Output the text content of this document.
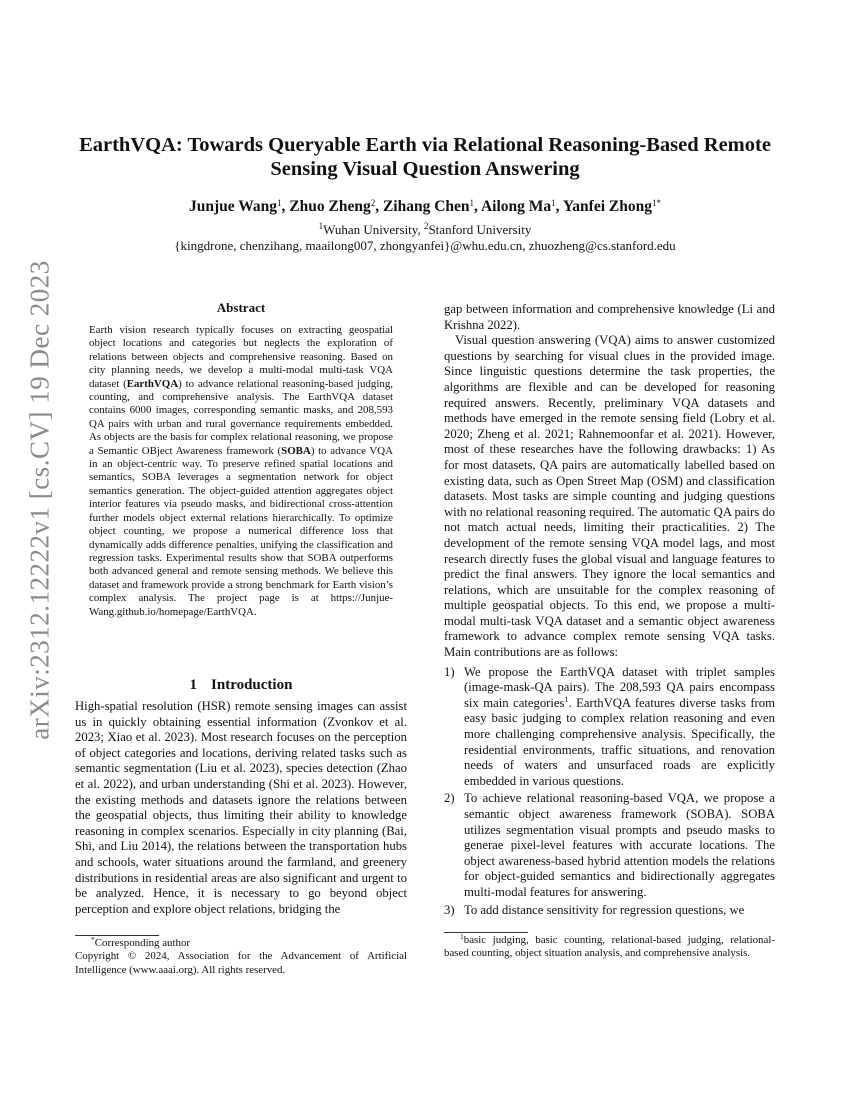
arXiv:2312.12222v1 [cs.CV] 19 Dec 2023
EarthVQA: Towards Queryable Earth via Relational Reasoning-Based Remote
Sensing Visual Question Answering
Junjue Wang$^1$, Zhuo Zheng$^2$, Zihang Chen$^1$, Ailong Ma$^1$, Yanfei Zhong$^{1*}$
$^1$Wuhan University, $^2$Stanford University
{kingdrone, chenzihang, maailong007, zhongyanfei}@whu.edu.cn, zhuozheng@cs.stanford.edu
Abstract

Earth vision research typically focuses on extracting geospatial object locations and categories but neglects the exploration of relations between objects and comprehensive reasoning. Based on city planning needs, we develop a multi-modal multi-task VQA dataset (EarthVQA) to advance relational reasoning-based judging, counting, and comprehensive analysis. The EarthVQA dataset contains 6000 images, corresponding semantic masks, and 208,593 QA pairs with urban and rural governance requirements embedded. As objects are the basis for complex relational reasoning, we propose a Semantic OBject Awareness framework (SOBA) to advance VQA in an object-centric way. To preserve refined spatial locations and semantics, SOBA leverages a segmentation network for object semantics generation. The object-guided attention aggregates object interior features via pseudo masks, and bidirectional cross-attention further models object external relations hierarchically. To optimize object counting, we propose a numerical difference loss that dynamically adds difference penalties, unifying the classification and regression tasks. Experimental results show that SOBA outperforms both advanced general and remote sensing methods. We believe this dataset and framework provide a strong benchmark for Earth vision’s complex analysis. The project page is at https://Junjue-Wang.github.io/homepage/EarthVQA.

1 Introduction

High-spatial resolution (HSR) remote sensing images can assist us in quickly obtaining essential information (Zvonkov et al. 2023; Xiao et al. 2023). Most research focuses on the perception of object categories and locations, deriving related tasks such as semantic segmentation (Liu et al. 2023), species detection (Zhao et al. 2022), and urban understanding (Shi et al. 2023). However, the existing methods and datasets ignore the relations between the geospatial objects, thus limiting their ability to knowledge reasoning in complex scenarios. Especially in city planning (Bai, Shi, and Liu 2014), the relations between the transportation hubs and schools, water situations around the farmland, and greenery distributions in residential areas are also significant and urgent to be analyzed. Hence, it is necessary to go beyond object perception and explore object relations, bridging the

*Corresponding author
Copyright © 2024, Association for the Advancement of Artificial Intelligence (www.aaai.org). All rights reserved.

gap between information and comprehensive knowledge (Li and Krishna 2022).

Visual question answering (VQA) aims to answer customized questions by searching for visual clues in the provided image. Since linguistic questions determine the task properties, the algorithms are flexible and can be developed for reasoning required answers. Recently, preliminary VQA datasets and methods have emerged in the remote sensing field (Lobry et al. 2020; Zheng et al. 2021; Rahnemoonfar et al. 2021). However, most of these researches have the following drawbacks: 1) As for most datasets, QA pairs are automatically labelled based on existing data, such as Open Street Map (OSM) and classification datasets. Most tasks are simple counting and judging questions with no relational reasoning required. The automatic QA pairs do not match actual needs, limiting their practicalities. 2) The development of the remote sensing VQA model lags, and most research directly fuses the global visual and language features to predict the final answers. They ignore the local semantics and relations, which are unsuitable for the complex reasoning of multiple geospatial objects. To this end, we propose a multi-modal multi-task VQA dataset and a semantic object awareness framework to advance complex remote sensing VQA tasks. Main contributions are as follows:

1) We propose the EarthVQA dataset with triplet samples (image-mask-QA pairs). The 208,593 QA pairs encompass six main categories$^1$. EarthVQA features diverse tasks from easy basic judging to complex relation reasoning and even more challenging comprehensive analysis. Specifically, the residential environments, traffic situations, and renovation needs of waters and unsurfaced roads are explicitly embedded in various questions.
2) To achieve relational reasoning-based VQA, we propose a semantic object awareness framework (SOBA). SOBA utilizes segmentation visual prompts and pseudo masks to generae pixel-level features with accurate locations. The object awareness-based hybrid attention models the relations for object-guided semantics and bidirectionally aggregates multi-modal features for answering.
3) To add distance sensitivity for regression questions, we
$^1$basic judging, basic counting, relational-based judging, relational-based counting, object situation analysis, and comprehensive analysis.
